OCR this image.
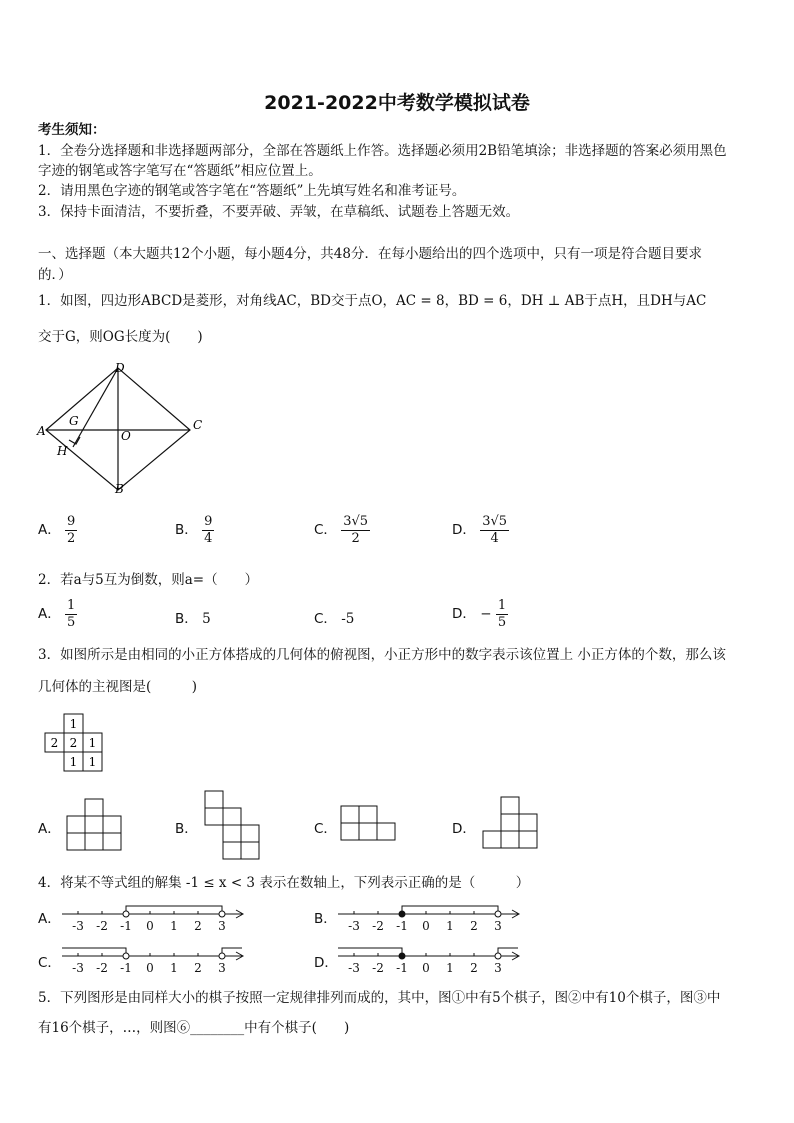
2021-2022中考数学模拟试卷
考生须知：
1．全卷分选择题和非选择题两部分，全部在答题纸上作答。选择题必须用2B铅笔填涂；非选择题的答案必须用黑色
字迹的钢笔或答字笔写在“答题纸”相应位置上。
2．请用黑色字迹的钢笔或答字笔在“答题纸”上先填写姓名和准考证号。
3．保持卡面清洁，不要折叠，不要弄破、弄皱，在草稿纸、试题卷上答题无效。
一、选择题（本大题共12个小题，每小题4分，共48分．在每小题给出的四个选项中，只有一项是符合题目要求
的．）
1．如图，四边形ABCD是菱形，对角线AC，BD交于点O，AC = 8，BD = 6，DH ⊥ AB于点H，且DH与AC
交于G，则OG长度为(　　)
D
A	C
B
G
H
O
A． $\frac{9}{2}$	B． $\frac{9}{4}$	C． $\frac{3√5}{2}$	D． $\frac{3√5}{4}$
2．若a与5互为倒数，则a=（　　）
A． $\frac{1}{5}$	B． 5	C． -5	D． − $\frac{1}{5}$
3．如图所示是由相同的小正方体搭成的几何体的俯视图，小正方形中的数字表示该位置上 小正方体的个数，那么该
几何体的主视图是(　　　)
1
2 2 1
1 1
A．	B．	C．	D．
4．将某不等式组的解集 -1 ≤ x < 3 表示在数轴上，下列表示正确的是（　　　）
A． -3 -2 -1 0 1 2 3	B． -3 -2 -1 0 1 2 3
C． -3 -2 -1 0 1 2 3	D． -3 -2 -1 0 1 2 3
5．下列图形是由同样大小的棋子按照一定规律排列而成的，其中，图①中有5个棋子，图②中有10个棋子，图③中
有16个棋子，…，则图⑥________中有个棋子(　　)
